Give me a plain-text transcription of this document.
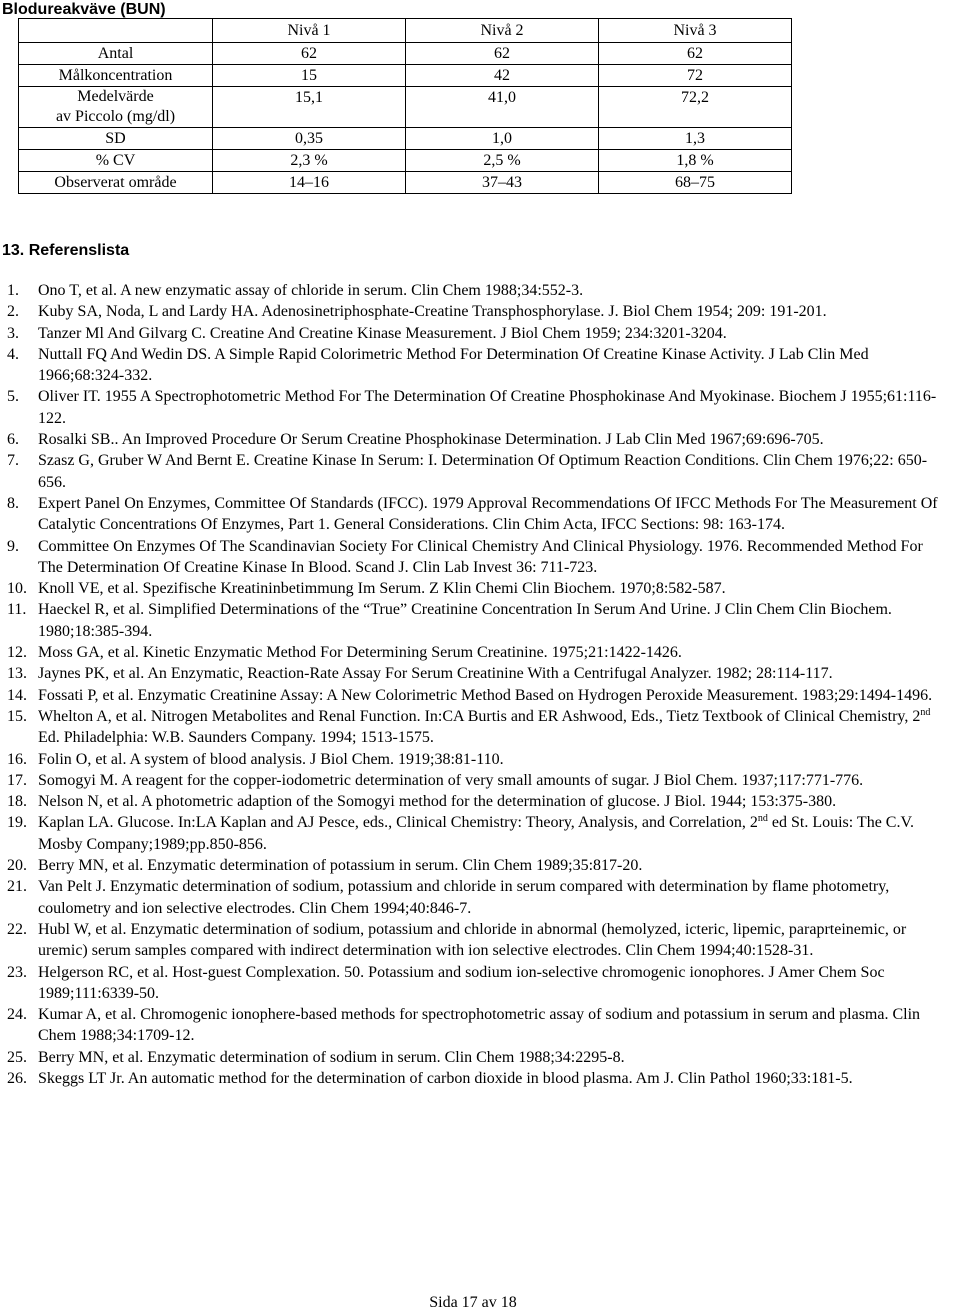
Blodureakväve (BUN)
	Nivå 1	Nivå 2	Nivå 3
Antal	62	62	62
Målkoncentration	15	42	72
Medelvärde
av Piccolo (mg/dl)	15,1	41,0	72,2
SD	0,35	1,0	1,3
% CV	2,3 %	2,5 %	1,8 %
Observerat område	14–16	37–43	68–75
13. Referenslista
1. Ono T, et al. A new enzymatic assay of chloride in serum. Clin Chem 1988;34:552-3.
2. Kuby SA, Noda, L and Lardy HA. Adenosinetriphosphate-Creatine Transphosphorylase. J. Biol Chem 1954; 209: 191-201.
3. Tanzer Ml And Gilvarg C. Creatine And Creatine Kinase Measurement. J Biol Chem 1959; 234:3201-3204.
4. Nuttall FQ And Wedin DS. A Simple Rapid Colorimetric Method For Determination Of Creatine Kinase Activity. J Lab Clin Med 1966;68:324-332.
5. Oliver IT. 1955 A Spectrophotometric Method For The Determination Of Creatine Phosphokinase And Myokinase. Biochem J 1955;61:116-122.
6. Rosalki SB.. An Improved Procedure Or Serum Creatine Phosphokinase Determination. J Lab Clin Med 1967;69:696-705.
7. Szasz G, Gruber W And Bernt E. Creatine Kinase In Serum: I. Determination Of Optimum Reaction Conditions. Clin Chem 1976;22: 650-656.
8. Expert Panel On Enzymes, Committee Of Standards (IFCC). 1979 Approval Recommendations Of IFCC Methods For The Measurement Of Catalytic Concentrations Of Enzymes, Part 1. General Considerations. Clin Chim Acta, IFCC Sections: 98: 163-174.
9. Committee On Enzymes Of The Scandinavian Society For Clinical Chemistry And Clinical Physiology. 1976. Recommended Method For The Determination Of Creatine Kinase In Blood. Scand J. Clin Lab Invest 36: 711-723.
10. Knoll VE, et al. Spezifische Kreatininbetimmung Im Serum. Z Klin Chemi Clin Biochem. 1970;8:582-587.
11. Haeckel R, et al. Simplified Determinations of the “True” Creatinine Concentration In Serum And Urine. J Clin Chem Clin Biochem. 1980;18:385-394.
12. Moss GA, et al. Kinetic Enzymatic Method For Determining Serum Creatinine. 1975;21:1422-1426.
13. Jaynes PK, et al. An Enzymatic, Reaction-Rate Assay For Serum Creatinine With a Centrifugal Analyzer. 1982; 28:114-117.
14. Fossati P, et al. Enzymatic Creatinine Assay: A New Colorimetric Method Based on Hydrogen Peroxide Measurement. 1983;29:1494-1496.
15. Whelton A, et al. Nitrogen Metabolites and Renal Function. In:CA Burtis and ER Ashwood, Eds., Tietz Textbook of Clinical Chemistry, 2nd Ed. Philadelphia: W.B. Saunders Company. 1994; 1513-1575.
16. Folin O, et al. A system of blood analysis. J Biol Chem. 1919;38:81-110.
17. Somogyi M. A reagent for the copper-iodometric determination of very small amounts of sugar. J Biol Chem. 1937;117:771-776.
18. Nelson N, et al. A photometric adaption of the Somogyi method for the determination of glucose. J Biol. 1944; 153:375-380.
19. Kaplan LA. Glucose. In:LA Kaplan and AJ Pesce, eds., Clinical Chemistry: Theory, Analysis, and Correlation, 2nd ed St. Louis: The C.V. Mosby Company;1989;pp.850-856.
20. Berry MN, et al. Enzymatic determination of potassium in serum. Clin Chem 1989;35:817-20.
21. Van Pelt J. Enzymatic determination of sodium, potassium and chloride in serum compared with determination by flame photometry, coulometry and ion selective electrodes. Clin Chem 1994;40:846-7.
22. Hubl W, et al. Enzymatic determination of sodium, potassium and chloride in abnormal (hemolyzed, icteric, lipemic, paraprteinemic, or uremic) serum samples compared with indirect determination with ion selective electrodes. Clin Chem 1994;40:1528-31.
23. Helgerson RC, et al. Host-guest Complexation. 50. Potassium and sodium ion-selective chromogenic ionophores. J Amer Chem Soc 1989;111:6339-50.
24. Kumar A, et al. Chromogenic ionophere-based methods for spectrophotometric assay of sodium and potassium in serum and plasma. Clin Chem 1988;34:1709-12.
25. Berry MN, et al. Enzymatic determination of sodium in serum. Clin Chem 1988;34:2295-8.
26. Skeggs LT Jr. An automatic method for the determination of carbon dioxide in blood plasma. Am J. Clin Pathol 1960;33:181-5.
Sida 17 av 18
